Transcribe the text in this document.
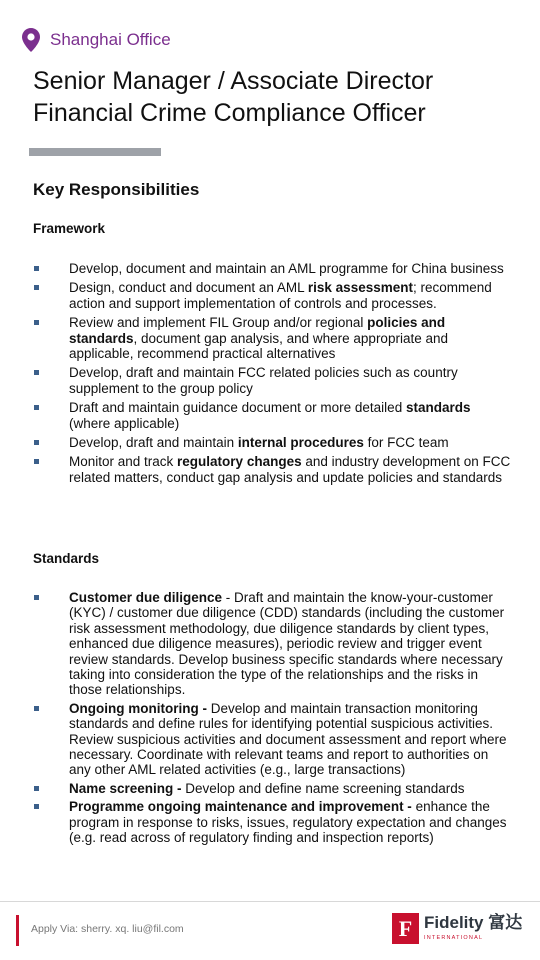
Shanghai Office
Senior Manager / Associate Director
Financial Crime Compliance Officer
Key Responsibilities
Framework
Develop, document and maintain an AML programme for China business
Design, conduct and document an AML risk assessment; recommend action and support implementation of controls and processes.
Review and implement FIL Group and/or regional policies and standards, document gap analysis, and where appropriate and applicable, recommend practical alternatives
Develop, draft and maintain FCC related policies such as country supplement to the group policy
Draft and maintain guidance document or more detailed standards (where applicable)
Develop, draft and maintain internal procedures for FCC team
Monitor and track regulatory changes and industry development on FCC related matters, conduct gap analysis and update policies and standards
Standards
Customer due diligence - Draft and maintain the know-your-customer (KYC) / customer due diligence (CDD) standards (including the customer risk assessment methodology, due diligence standards by client types, enhanced due diligence measures), periodic review and trigger event review standards. Develop business specific standards where necessary taking into consideration the type of the relationships and the risks in those relationships.
Ongoing monitoring - Develop and maintain transaction monitoring standards and define rules for identifying potential suspicious activities. Review suspicious activities and document assessment and report where necessary. Coordinate with relevant teams and report to authorities on any other AML related activities (e.g., large transactions)
Name screening - Develop and define name screening standards
Programme ongoing maintenance and improvement - enhance the program in response to risks, issues, regulatory expectation and changes (e.g. read across of regulatory finding and inspection reports)
Apply Via: sherry. xq. liu@fil.com	F Fidelity 富达
INTERNATIONAL
